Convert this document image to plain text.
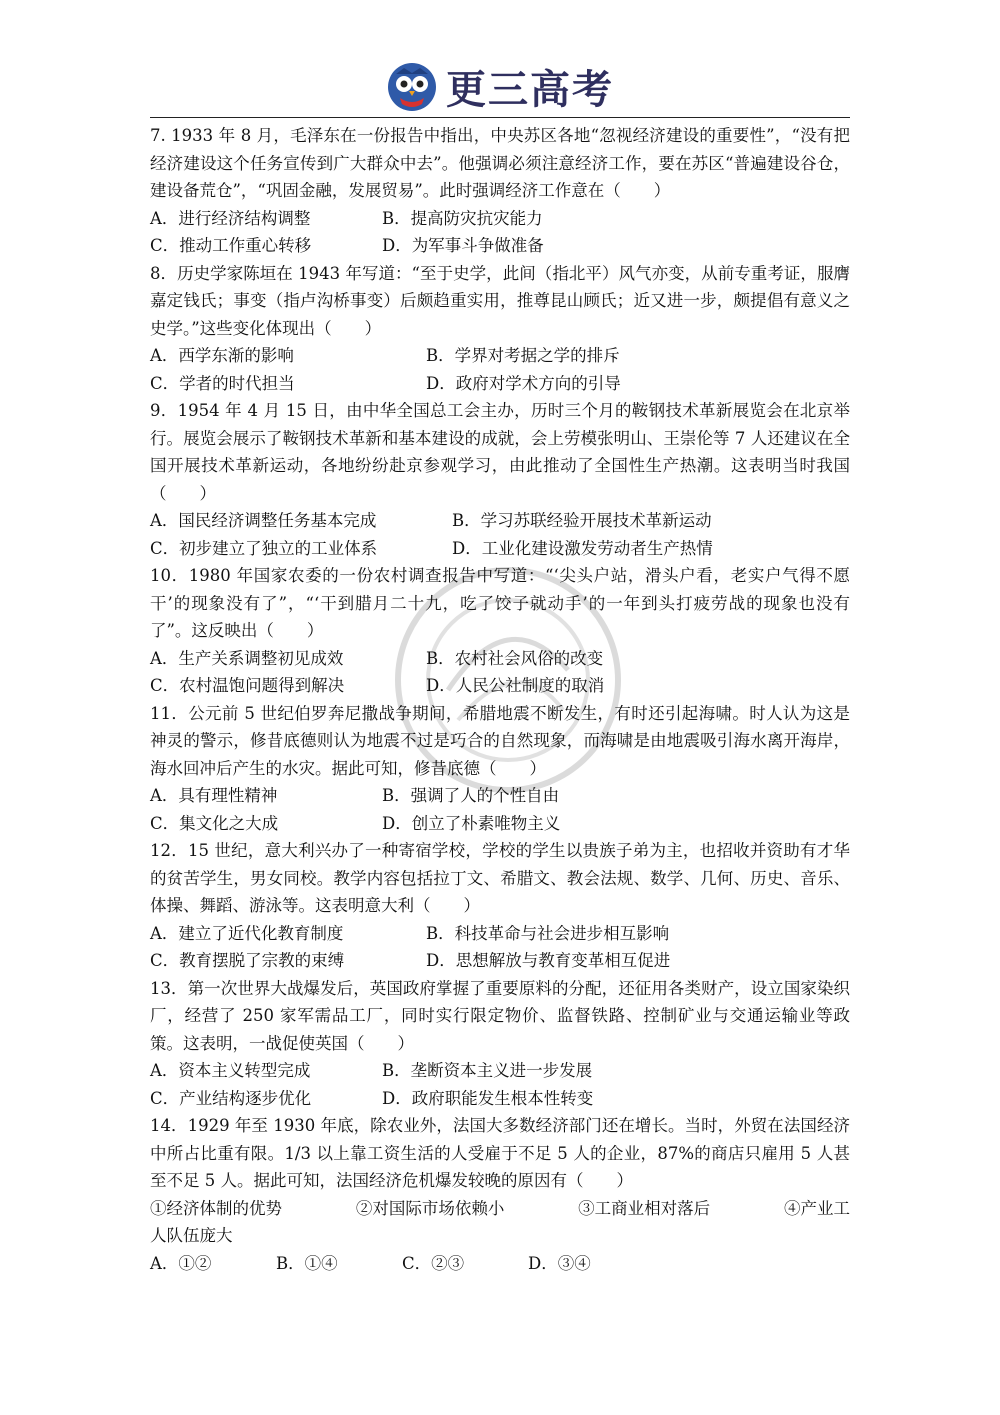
更三高考

7. 1933 年 8 月，毛泽东在一份报告中指出，中央苏区各地“忽视经济建设的重要性”，“没有把经济建设这个任务宣传到广大群众中去”。他强调必须注意经济工作，要在苏区“普遍建设谷仓，建设备荒仓”，“巩固金融，发展贸易”。此时强调经济工作意在（　　）

A．进行经济结构调整	B．提高防灾抗灾能力
C．推动工作重心转移	D．为军事斗争做准备

8．历史学家陈垣在 1943 年写道：“至于史学，此间（指北平）风气亦变，从前专重考证，服膺嘉定钱氏；事变（指卢沟桥事变）后颇趋重实用，推尊昆山顾氏；近又进一步，颇提倡有意义之史学。”这些变化体现出（　　）

A．西学东渐的影响	B．学界对考据之学的排斥
C．学者的时代担当	D．政府对学术方向的引导

9．1954 年 4 月 15 日，由中华全国总工会主办，历时三个月的鞍钢技术革新展览会在北京举行。展览会展示了鞍钢技术革新和基本建设的成就，会上劳模张明山、王崇伦等 7 人还建议在全国开展技术革新运动，各地纷纷赴京参观学习，由此推动了全国性生产热潮。这表明当时我国（　　）

A．国民经济调整任务基本完成	B．学习苏联经验开展技术革新运动
C．初步建立了独立的工业体系	D．工业化建设激发劳动者生产热情

10．1980 年国家农委的一份农村调查报告中写道：“‘尖头户站，滑头户看，老实户气得不愿干’的现象没有了”，“‘干到腊月二十九，吃了饺子就动手’的一年到头打疲劳战的现象也没有了”。这反映出（　　）

A．生产关系调整初见成效	B．农村社会风俗的改变
C．农村温饱问题得到解决	D．人民公社制度的取消

11．公元前 5 世纪伯罗奔尼撒战争期间，希腊地震不断发生，有时还引起海啸。时人认为这是神灵的警示，修昔底德则认为地震不过是巧合的自然现象，而海啸是由地震吸引海水离开海岸，海水回冲后产生的水灾。据此可知，修昔底德（　　）

A．具有理性精神	B．强调了人的个性自由
C．集文化之大成	D．创立了朴素唯物主义

12．15 世纪，意大利兴办了一种寄宿学校，学校的学生以贵族子弟为主，也招收并资助有才华的贫苦学生，男女同校。教学内容包括拉丁文、希腊文、教会法规、数学、几何、历史、音乐、体操、舞蹈、游泳等。这表明意大利（　　）

A．建立了近代化教育制度	B．科技革命与社会进步相互影响
C．教育摆脱了宗教的束缚	D．思想解放与教育变革相互促进

13．第一次世界大战爆发后，英国政府掌握了重要原料的分配，还征用各类财产，设立国家染织厂，经营了 250 家军需品工厂，同时实行限定物价、监督铁路、控制矿业与交通运输业等政策。这表明，一战促使英国（　　）

A．资本主义转型完成	B．垄断资本主义进一步发展
C．产业结构逐步优化	D．政府职能发生根本性转变

14．1929 年至 1930 年底，除农业外，法国大多数经济部门还在增长。当时，外贸在法国经济中所占比重有限。1/3 以上靠工资生活的人受雇于不足 5 人的企业，87%的商店只雇用 5 人甚至不足 5 人。据此可知，法国经济危机爆发较晚的原因有（　　）

①经济体制的优势	②对国际市场依赖小	③工商业相对落后	④产业工

人队伍庞大

A．①②	B．①④	C．②③	D．③④
